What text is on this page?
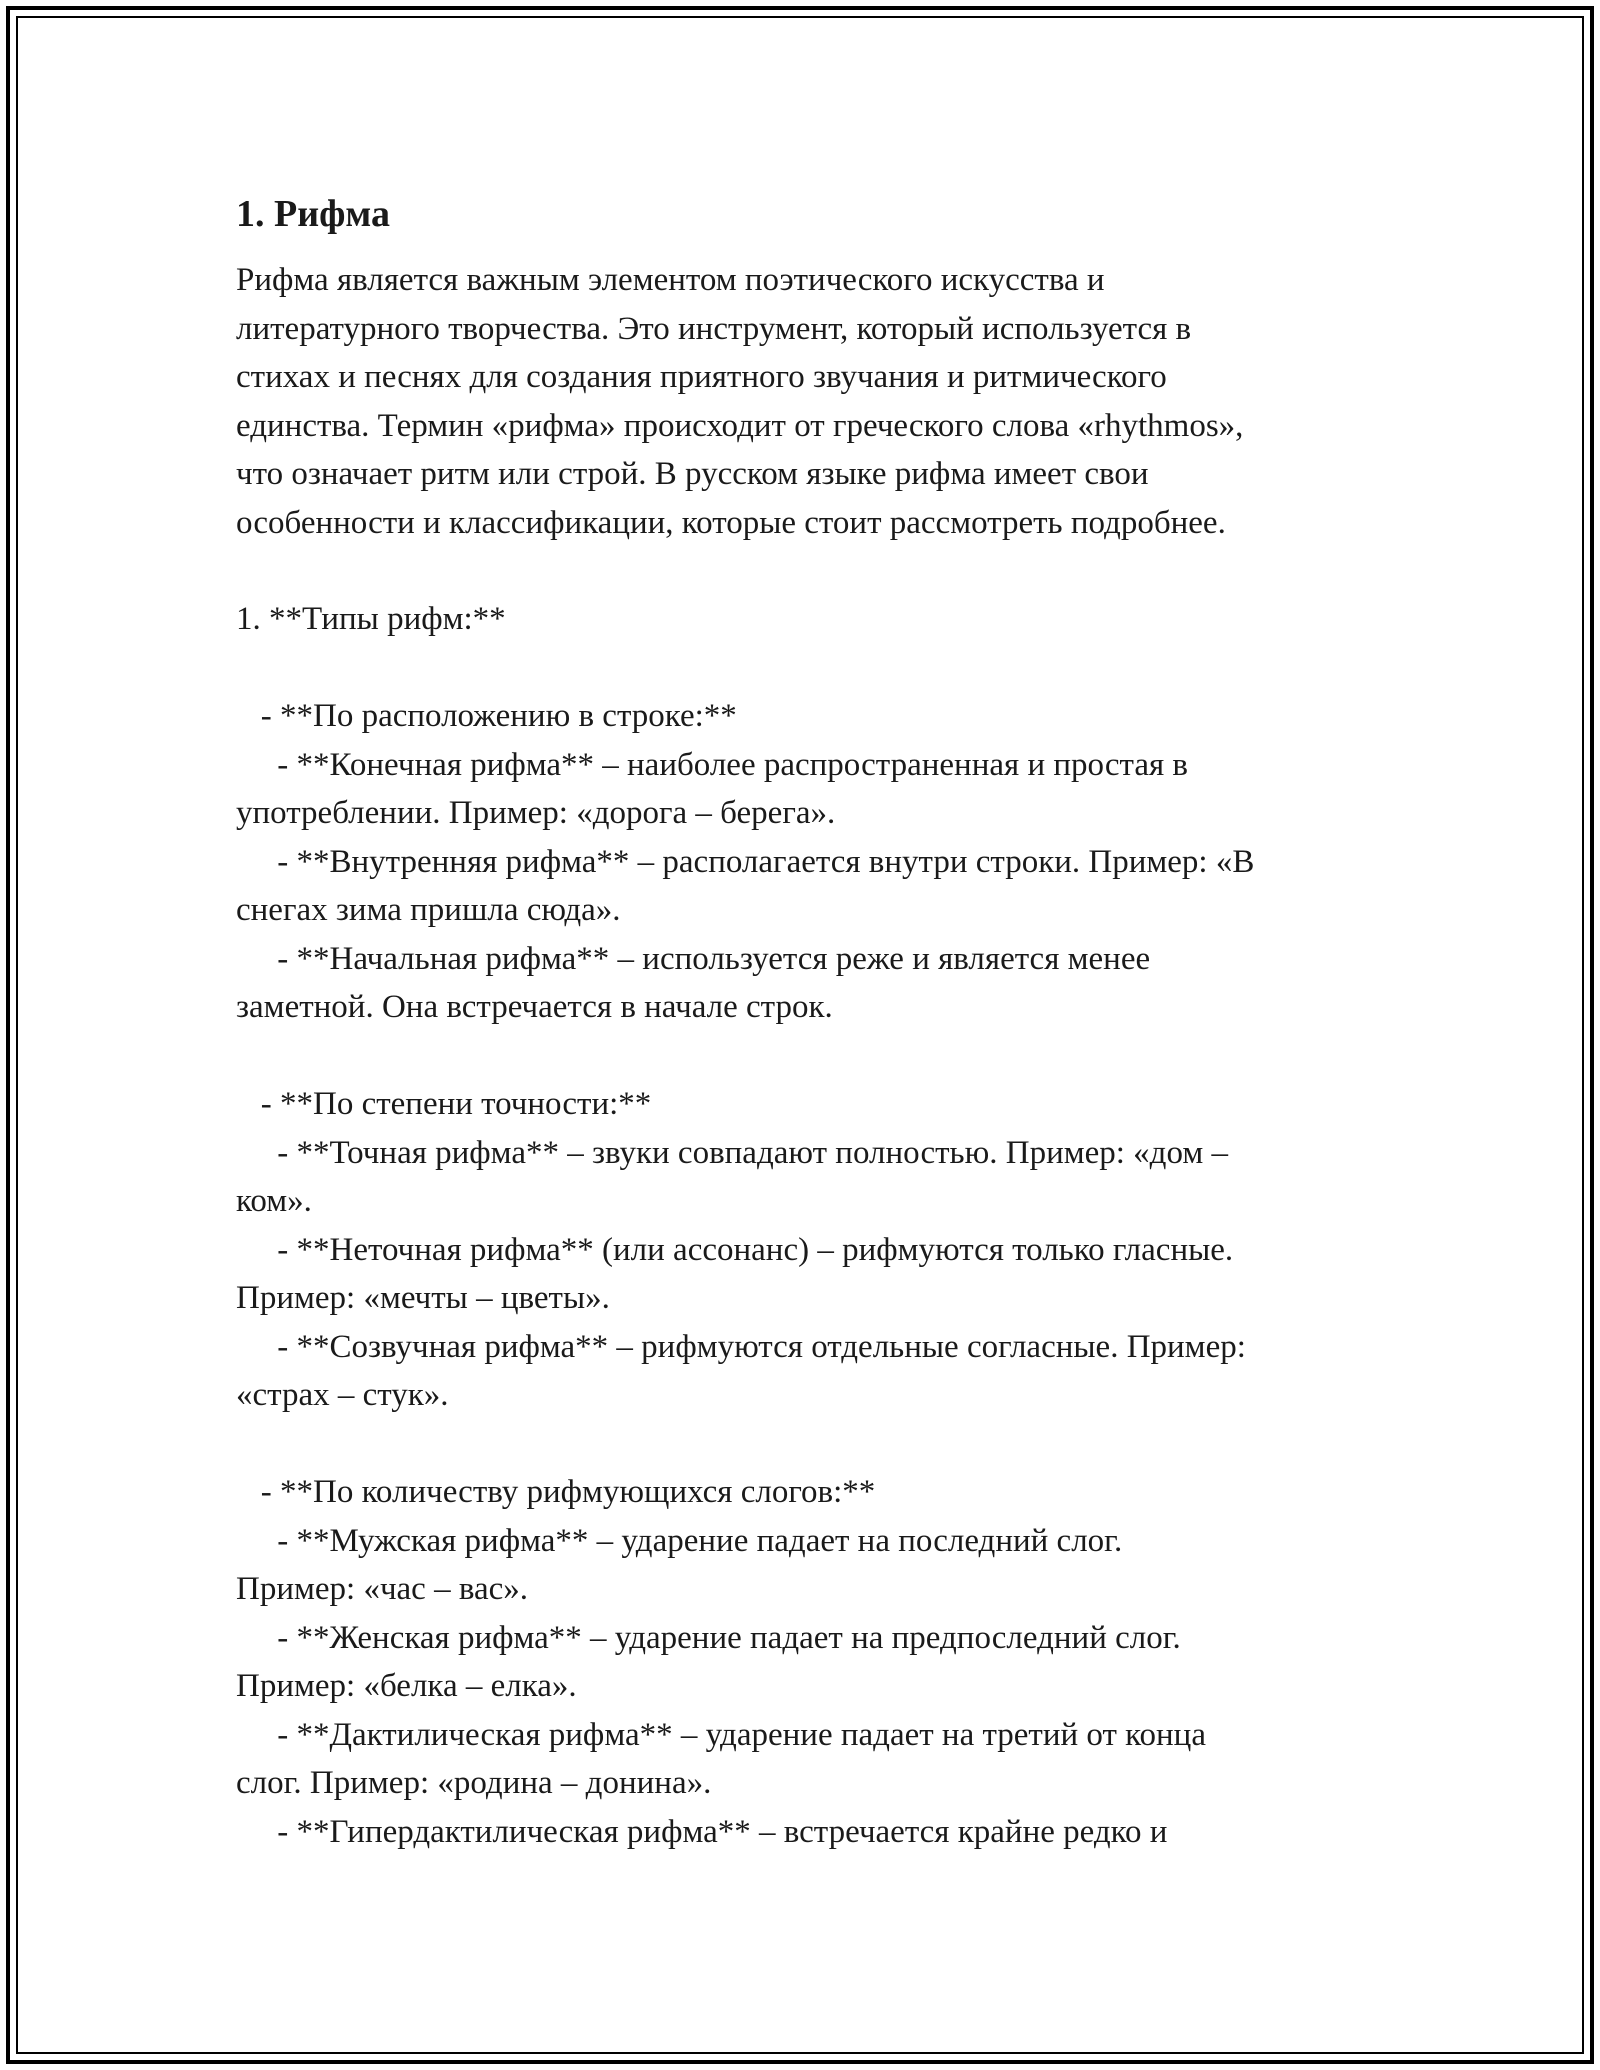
1. Рифма

Рифма является важным элементом поэтического искусства и
литературного творчества. Это инструмент, который используется в
стихах и песнях для создания приятного звучания и ритмического
единства. Термин «рифма» происходит от греческого слова «rhythmos»,
что означает ритм или строй. В русском языке рифма имеет свои
особенности и классификации, которые стоит рассмотреть подробнее.

1. **Типы рифм:**
- **По расположению в строке:**
- **Конечная рифма** – наиболее распространенная и простая в
употреблении. Пример: «дорога – берега».
- **Внутренняя рифма** – располагается внутри строки. Пример: «В
снегах зима пришла сюда».
- **Начальная рифма** – используется реже и является менее
заметной. Она встречается в начале строк.
- **По степени точности:**
- **Точная рифма** – звуки совпадают полностью. Пример: «дом –
ком».
- **Неточная рифма** (или ассонанс) – рифмуются только гласные.
Пример: «мечты – цветы».
- **Созвучная рифма** – рифмуются отдельные согласные. Пример:
«страх – стук».
- **По количеству рифмующихся слогов:**
- **Мужская рифма** – ударение падает на последний слог.
Пример: «час – вас».
- **Женская рифма** – ударение падает на предпоследний слог.
Пример: «белка – елка».
- **Дактилическая рифма** – ударение падает на третий от конца
слог. Пример: «родина – донина».
- **Гипердактилическая рифма** – встречается крайне редко и
